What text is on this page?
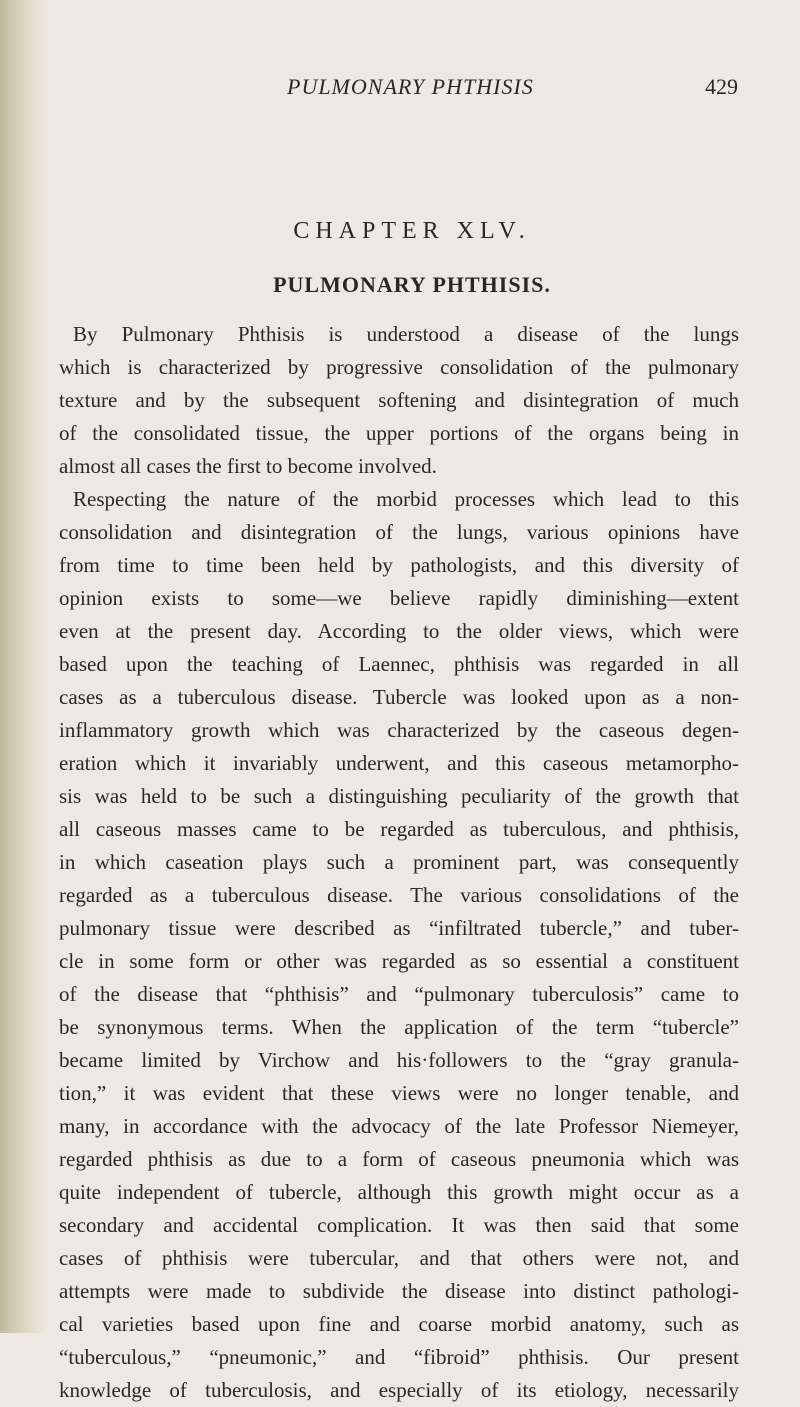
PULMONARY PHTHISIS	429
CHAPTER XLV.
PULMONARY PHTHISIS.
By Pulmonary Phthisis is understood a disease of the lungs
which is characterized by progressive consolidation of the pulmonary
texture and by the subsequent softening and disintegration of much
of the consolidated tissue, the upper portions of the organs being in
almost all cases the first to become involved.
Respecting the nature of the morbid processes which lead to this
consolidation and disintegration of the lungs, various opinions have
from time to time been held by pathologists, and this diversity of
opinion exists to some—we believe rapidly diminishing—extent
even at the present day. According to the older views, which were
based upon the teaching of Laennec, phthisis was regarded in all
cases as a tuberculous disease. Tubercle was looked upon as a non-
inflammatory growth which was characterized by the caseous degen-
eration which it invariably underwent, and this caseous metamorpho-
sis was held to be such a distinguishing peculiarity of the growth that
all caseous masses came to be regarded as tuberculous, and phthisis,
in which caseation plays such a prominent part, was consequently
regarded as a tuberculous disease. The various consolidations of the
pulmonary tissue were described as “infiltrated tubercle,” and tuber-
cle in some form or other was regarded as so essential a constituent
of the disease that “phthisis” and “pulmonary tuberculosis” came to
be synonymous terms. When the application of the term “tubercle”
became limited by Virchow and his·followers to the “gray granula-
tion,” it was evident that these views were no longer tenable, and
many, in accordance with the advocacy of the late Professor Niemeyer,
regarded phthisis as due to a form of caseous pneumonia which was
quite independent of tubercle, although this growth might occur as a
secondary and accidental complication. It was then said that some
cases of phthisis were tubercular, and that others were not, and
attempts were made to subdivide the disease into distinct pathologi-
cal varieties based upon fine and coarse morbid anatomy, such as
“tuberculous,” “pneumonic,” and “fibroid” phthisis. Our present
knowledge of tuberculosis, and especially of its etiology, necessarily
